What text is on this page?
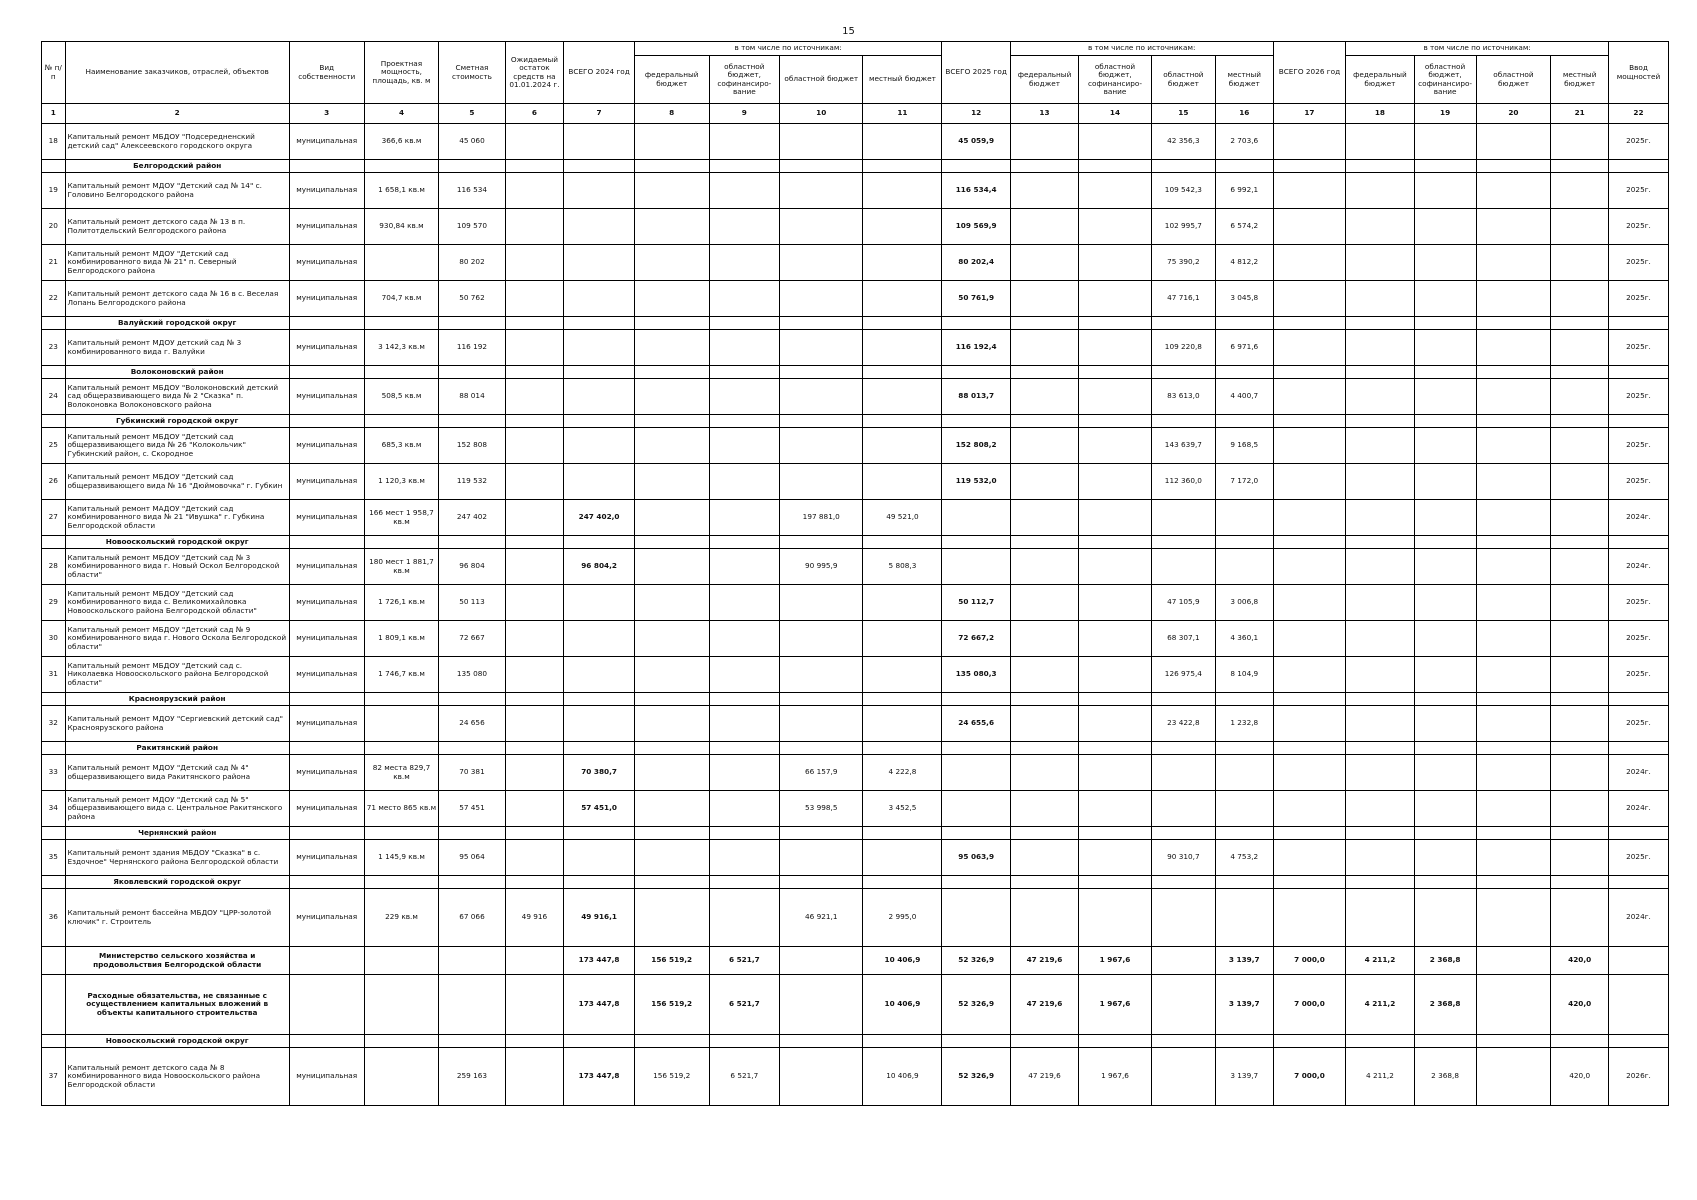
15
№ п/п	Наименование заказчиков, отраслей, объектов	Вид собственности	Проектная мощность, площадь, кв. м	Сметная стоимость	Ожидаемый остаток средств на 01.01.2024 г.	ВСЕГО 2024 год	в том числе по источникам:				ВСЕГО 2025 год	в том числе по источникам:				ВСЕГО 2026 год	в том числе по источникам:				Ввод мощностей
							федеральный бюджет	областной бюджет, софинансиро-вание	областной бюджет	местный бюджет		федеральный бюджет	областной бюджет, софинансиро-вание	областной бюджет	местный бюджет		федеральный бюджет	областной бюджет, софинансиро-вание	областной бюджет	местный бюджет	
1	2	3	4	5	6	7	8	9	10	11	12	13	14	15	16	17	18	19	20	21	22
18	Капитальный ремонт МБДОУ "Подсередненский детский сад" Алексеевского городского округа	муниципальная	366,6 кв.м	45 060							45 059,9			42 356,3	2 703,6						2025г.
	Белгородский район																				
19	Капитальный ремонт МДОУ "Детский сад № 14" с. Головино Белгородского района	муниципальная	1 658,1 кв.м	116 534							116 534,4			109 542,3	6 992,1						2025г.
20	Капитальный ремонт детского сада № 13 в п. Политотдельский Белгородского района	муниципальная	930,84 кв.м	109 570							109 569,9			102 995,7	6 574,2						2025г.
21	Капитальный ремонт МДОУ "Детский сад комбинированного вида № 21" п. Северный Белгородского района	муниципальная		80 202							80 202,4			75 390,2	4 812,2						2025г.
22	Капитальный ремонт детского сада № 16 в с. Веселая Лопань Белгородского района	муниципальная	704,7 кв.м	50 762							50 761,9			47 716,1	3 045,8						2025г.
	Валуйский городской округ																				
23	Капитальный ремонт МДОУ детский сад № 3 комбинированного вида г. Валуйки	муниципальная	3 142,3 кв.м	116 192							116 192,4			109 220,8	6 971,6						2025г.
	Волоконовский район																				
24	Капитальный ремонт МБДОУ "Волоконовский детский сад общеразвивающего вида № 2 "Сказка" п. Волоконовка Волоконовского района	муниципальная	508,5 кв.м	88 014							88 013,7			83 613,0	4 400,7						2025г.
	Губкинский городской округ																				
25	Капитальный ремонт МБДОУ "Детский сад общеразвивающего вида № 26 "Колокольчик" Губкинский район, с. Скороднoe	муниципальная	685,3 кв.м	152 808							152 808,2			143 639,7	9 168,5						2025г.
26	Капитальный ремонт МБДОУ "Детский сад общеразвивающего вида № 16 "Дюймовочка" г. Губкин	муниципальная	1 120,3 кв.м	119 532							119 532,0			112 360,0	7 172,0						2025г.
27	Капитальный ремонт МАДОУ "Детский сад комбинированного вида № 21 "Ивушка" г. Губкина Белгородской области	муниципальная	166 мест 1 958,7 кв.м	247 402		247 402,0			197 881,0	49 521,0											2024г.
	Новооскольский городской округ																				
28	Капитальный ремонт МБДОУ "Детский сад № 3 комбинированного вида г. Новый Оскол Белгородской области"	муниципальная	180 мест 1 881,7 кв.м	96 804		96 804,2			90 995,9	5 808,3											2024г.
29	Капитальный ремонт МБДОУ "Детский сад комбинированного вида с. Великомихайловка Новооскольского района Белгородской области"	муниципальная	1 726,1 кв.м	50 113							50 112,7			47 105,9	3 006,8						2025г.
30	Капитальный ремонт МБДОУ "Детский сад № 9 комбинированного вида г. Нового Оскола Белгородской области"	муниципальная	1 809,1 кв.м	72 667							72 667,2			68 307,1	4 360,1						2025г.
31	Капитальный ремонт МБДОУ "Детский сад с. Николаевка Новооскольского района Белгородской области"	муниципальная	1 746,7 кв.м	135 080							135 080,3			126 975,4	8 104,9						2025г.
	Красноярузский район																				
32	Капитальный ремонт МДОУ "Сергиевский детский сад" Красноярузского района	муниципальная		24 656							24 655,6			23 422,8	1 232,8						2025г.
	Ракитянский район																				
33	Капитальный ремонт МДОУ "Детский сад № 4" общеразвивающего вида Ракитянского района	муниципальная	82 места 829,7 кв.м	70 381		70 380,7			66 157,9	4 222,8											2024г.
34	Капитальный ремонт МДОУ "Детский сад № 5" общеразвивающего вида с. Центральное Ракитянского района	муниципальная	71 место 865 кв.м	57 451		57 451,0			53 998,5	3 452,5											2024г.
	Чернянский район																				
35	Капитальный ремонт здания МБДОУ "Сказка" в с. Ездочное" Чернянского района Белгородской области	муниципальная	1 145,9 кв.м	95 064							95 063,9			90 310,7	4 753,2						2025г.
	Яковлевский городской округ																				
36	Капитальный ремонт бассейна МБДОУ "ЦРР-золотой ключик" г. Строитель	муниципальная	229 кв.м	67 066	49 916	49 916,1			46 921,1	2 995,0											2024г.
	Министерство сельского хозяйства и продовольствия Белгородской области					173 447,8	156 519,2	6 521,7		10 406,9	52 326,9	47 219,6	1 967,6		3 139,7	7 000,0	4 211,2	2 368,8		420,0	
	Расходные обязательства, не связанные с осуществлением капитальных вложений в объекты капитального строительства					173 447,8	156 519,2	6 521,7		10 406,9	52 326,9	47 219,6	1 967,6		3 139,7	7 000,0	4 211,2	2 368,8		420,0	
	Новооскольский городской округ																				
37	Капитальный ремонт детского сада № 8 комбинированного вида Новооскольского района Белгородской области	муниципальная		259 163		173 447,8	156 519,2	6 521,7		10 406,9	52 326,9	47 219,6	1 967,6		3 139,7	7 000,0	4 211,2	2 368,8		420,0	2026г.
